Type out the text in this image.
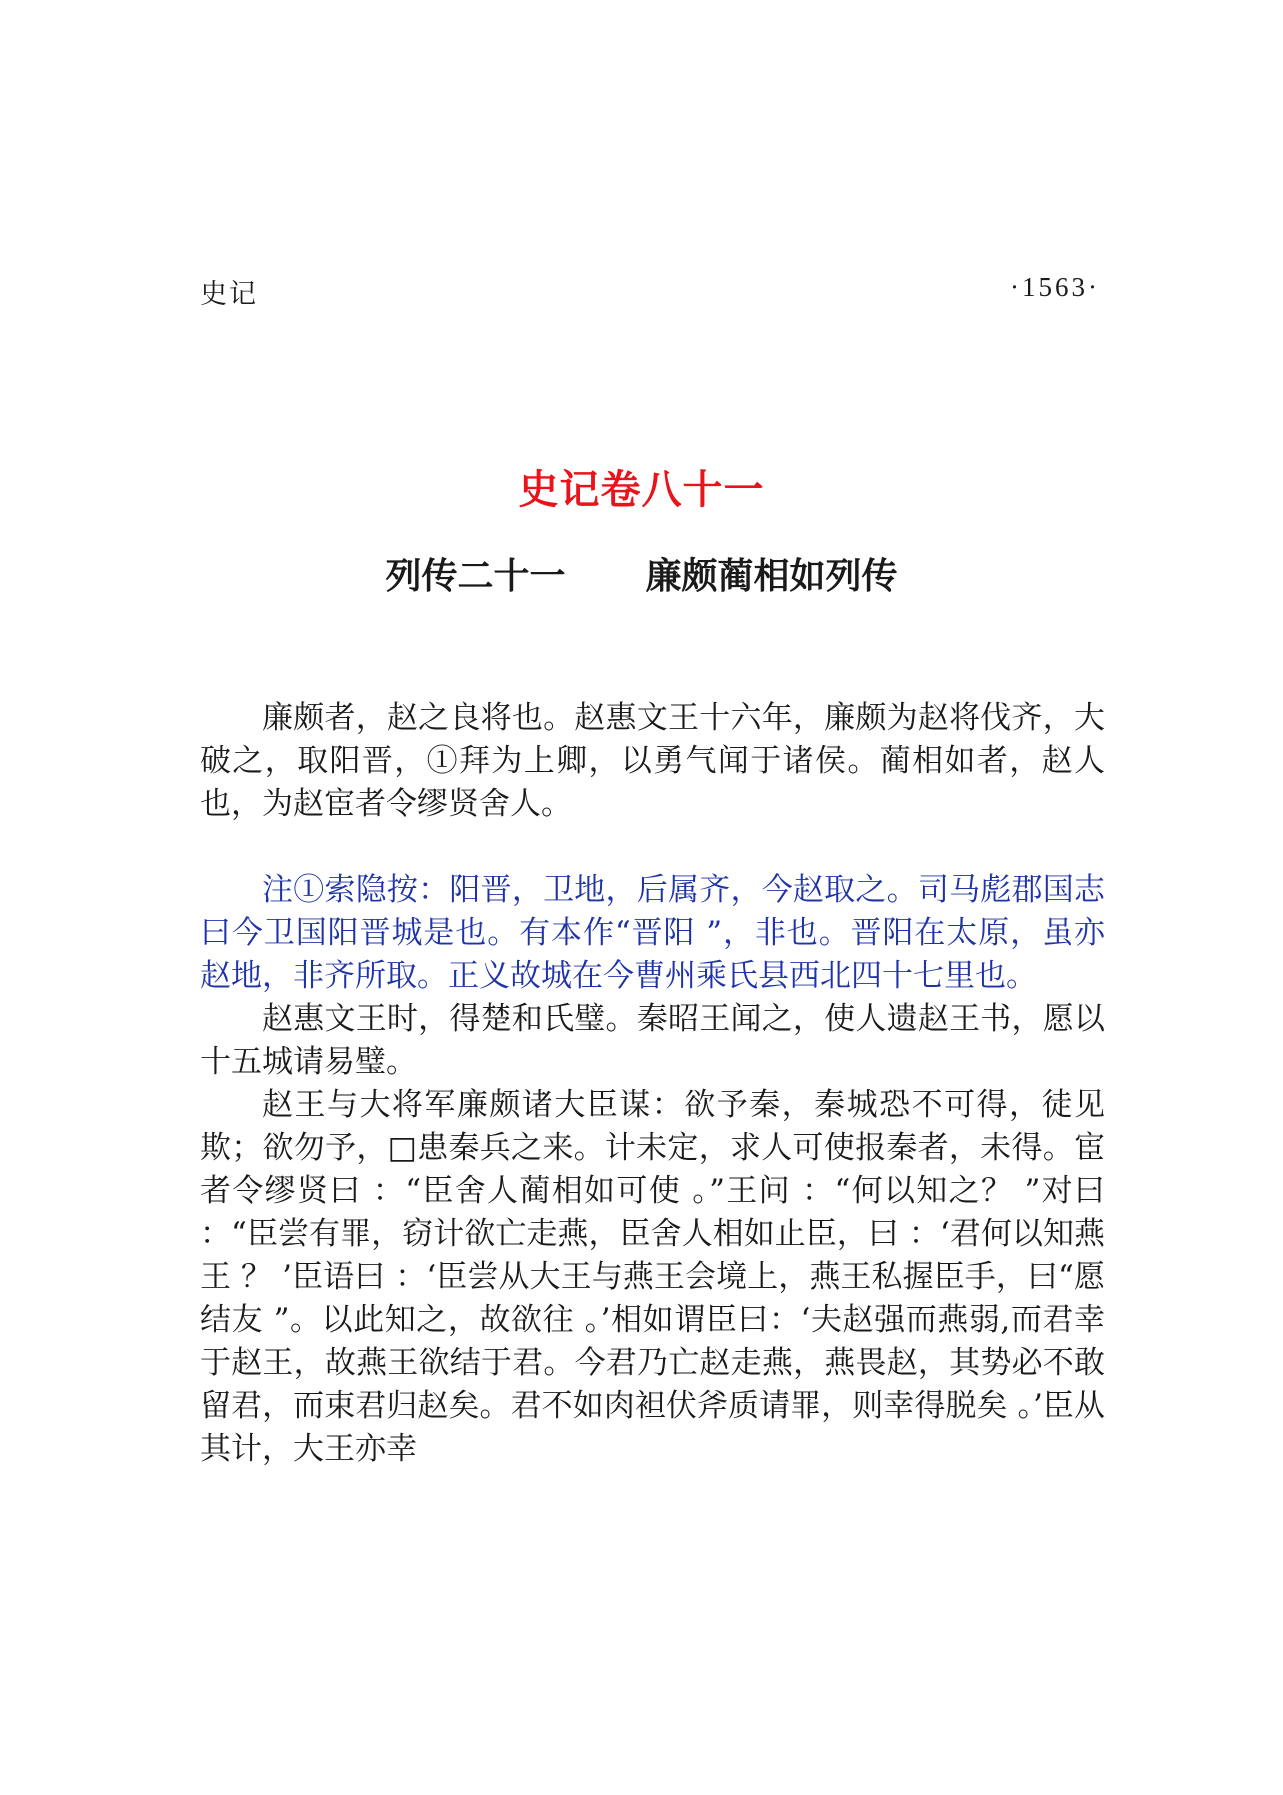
史记	·1563·
史记卷八十一
列传二十一 廉颇蔺相如列传

廉颇者，赵之良将也。赵惠文王十六年，廉颇为赵将伐齐，大破之，取阳晋，①拜为上卿，以勇气闻于诸侯。蔺相如者，赵人也，为赵宦者令缪贤舍人。

注①索隐按：阳晋，卫地，后属齐，今赵取之。司马彪郡国志曰今卫国阳晋城是也。有本作“晋阳 ”，非也。晋阳在太原，虽亦赵地，非齐所取。正义故城在今曹州乘氏县西北四十七里也。

赵惠文王时，得楚和氏璧。秦昭王闻之，使人遗赵王书，愿以十五城请易璧。

赵王与大将军廉颇诸大臣谋：欲予秦，秦城恐不可得，徒见欺；欲勿予，□患秦兵之来。计未定，求人可使报秦者，未得。宦者令缪贤曰 ：“臣舍人蔺相如可使 。”王问 ：“何以知之？ ”对曰 ：“臣尝有罪，窃计欲亡走燕，臣舍人相如止臣，曰 ：‘君何以知燕王 ？ ’臣语曰 ：‘臣尝从大王与燕王会境上，燕王私握臣手，曰“愿结友 ”。以此知之，故欲往 。’相如谓臣曰：‘夫赵强而燕弱,而君幸于赵王，故燕王欲结于君。今君乃亡赵走燕，燕畏赵，其势必不敢留君，而束君归赵矣。君不如肉袒伏斧质请罪，则幸得脱矣 。’臣从其计，大王亦幸
